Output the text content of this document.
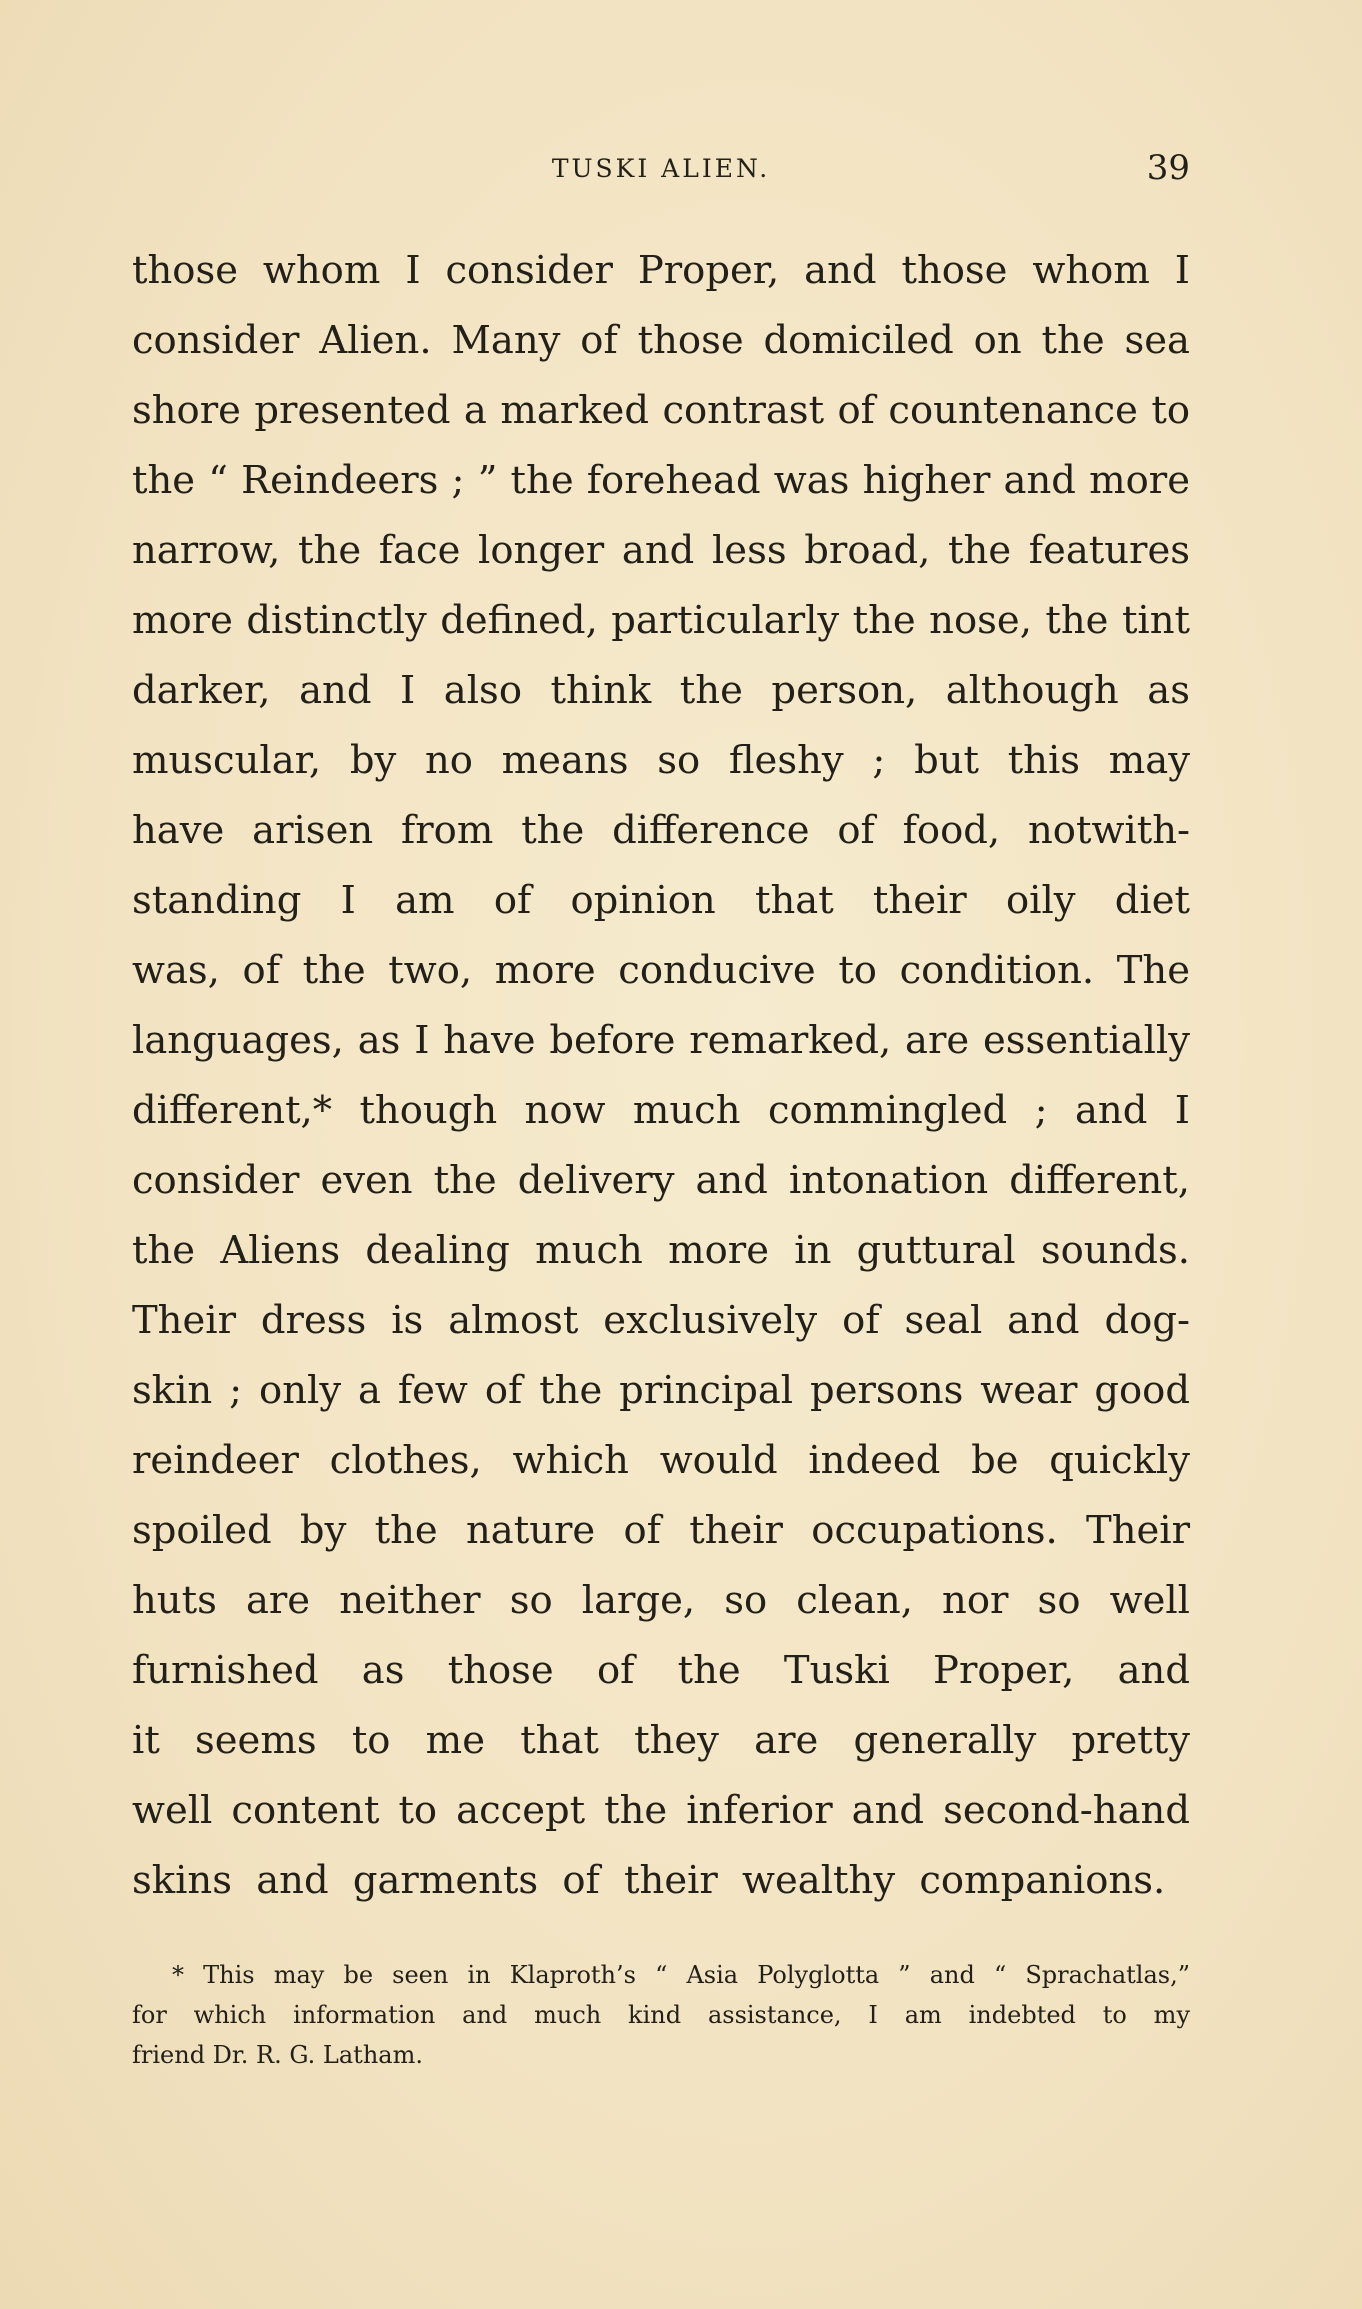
TUSKI ALIEN.	39
those whom I consider Proper, and those whom I
consider Alien. Many of those domiciled on the sea
shore presented a marked contrast of countenance to
the “ Reindeers ; ” the forehead was higher and more
narrow, the face longer and less broad, the features
more distinctly defined, particularly the nose, the tint
darker, and I also think the person, although as
muscular, by no means so fleshy ; but this may
have arisen from the difference of food, notwith-
standing I am of opinion that their oily diet
was, of the two, more conducive to condition. The
languages, as I have before remarked, are essentially
different,* though now much commingled ; and I
consider even the delivery and intonation different,
the Aliens dealing much more in guttural sounds.
Their dress is almost exclusively of seal and dog-
skin ; only a few of the principal persons wear good
reindeer clothes, which would indeed be quickly
spoiled by the nature of their occupations. Their
huts are neither so large, so clean, nor so well
furnished as those of the Tuski Proper, and
it seems to me that they are generally pretty
well content to accept the inferior and second-hand
skins and garments of their wealthy companions.
* This may be seen in Klaproth’s “ Asia Polyglotta ” and “ Sprachatlas,”
for which information and much kind assistance, I am indebted to my
friend Dr. R. G. Latham.
